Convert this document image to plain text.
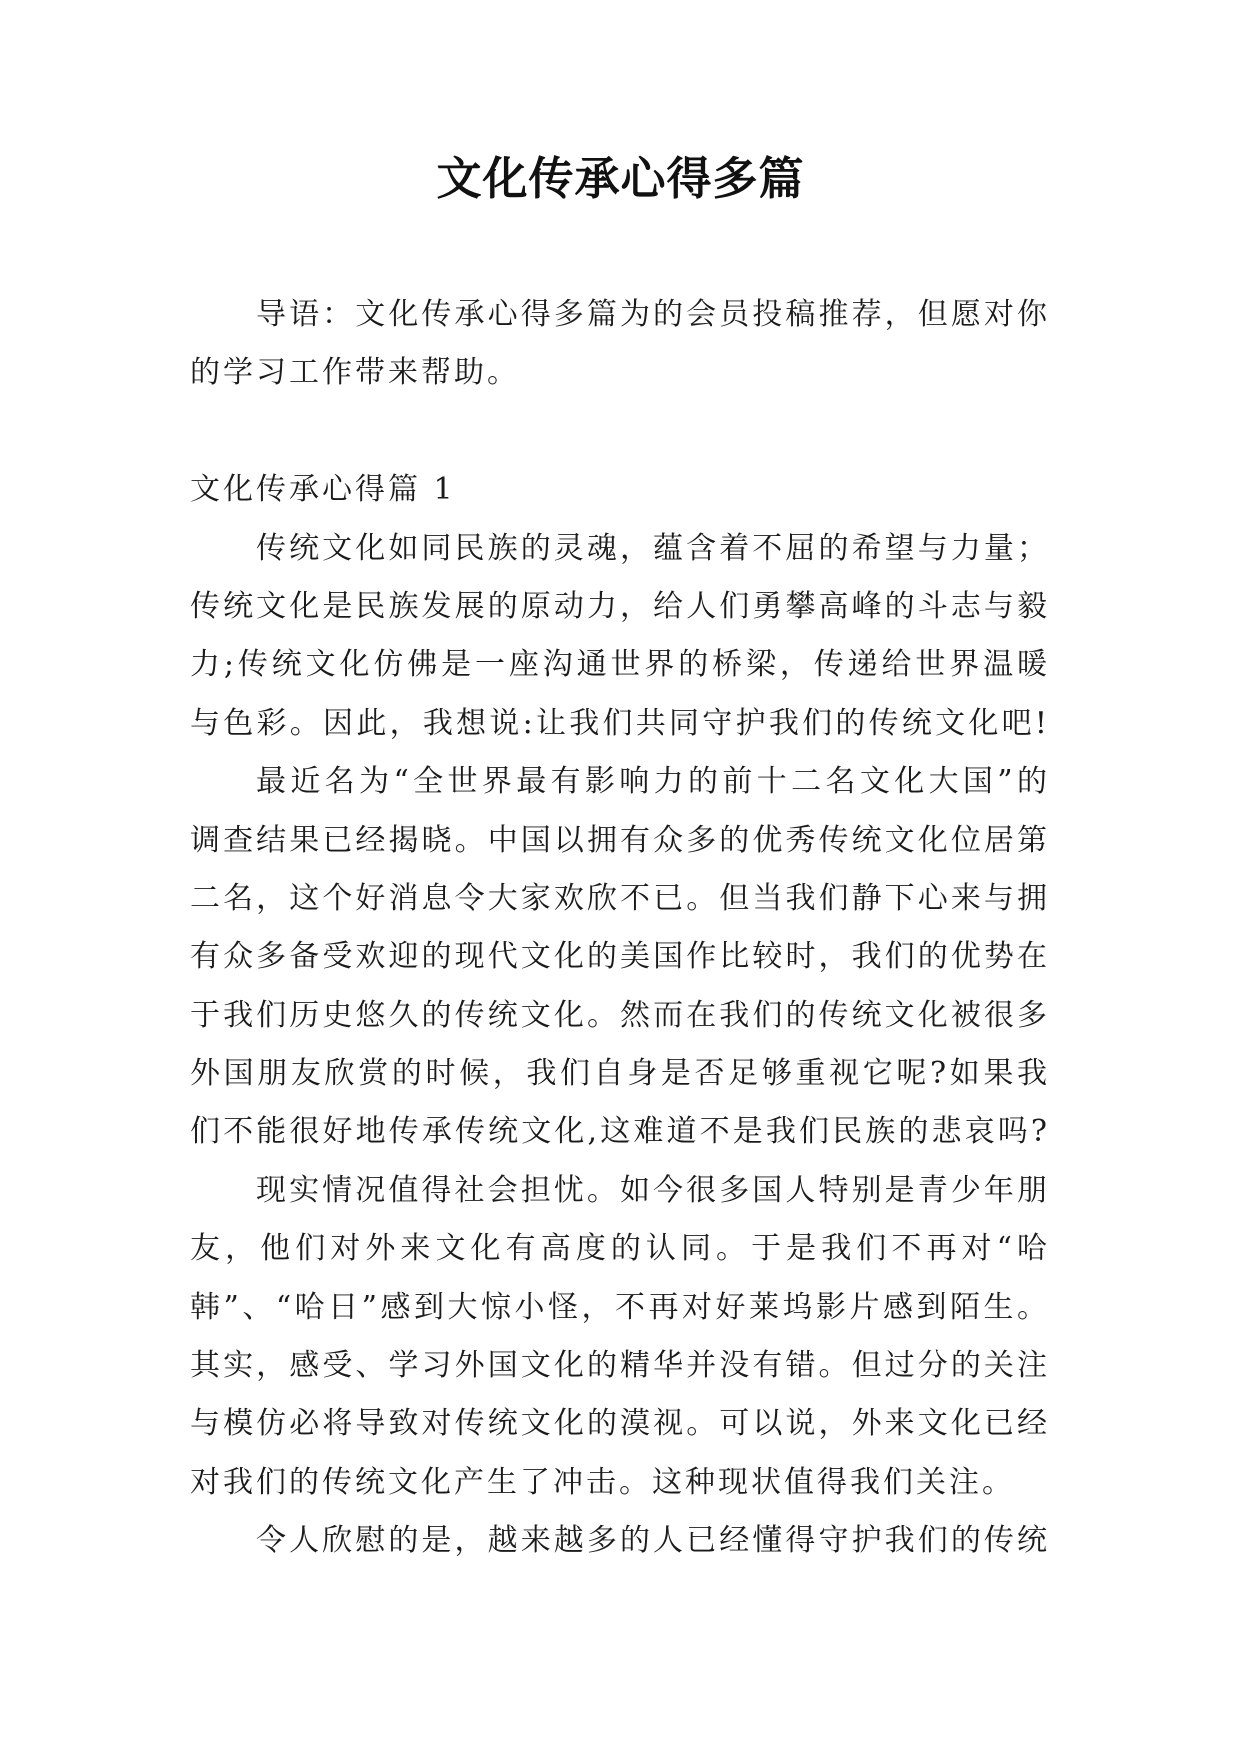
文化传承心得多篇
导语：文化传承心得多篇为的会员投稿推荐，但愿对你
的学习工作带来帮助。
文化传承心得篇 1
传统文化如同民族的灵魂，蕴含着不屈的希望与力量；
传统文化是民族发展的原动力，给人们勇攀高峰的斗志与毅
力;传统文化仿佛是一座沟通世界的桥梁，传递给世界温暖
与色彩。因此，我想说:让我们共同守护我们的传统文化吧!
最近名为“全世界最有影响力的前十二名文化大国”的
调查结果已经揭晓。中国以拥有众多的优秀传统文化位居第
二名，这个好消息令大家欢欣不已。但当我们静下心来与拥
有众多备受欢迎的现代文化的美国作比较时，我们的优势在
于我们历史悠久的传统文化。然而在我们的传统文化被很多
外国朋友欣赏的时候，我们自身是否足够重视它呢?如果我
们不能很好地传承传统文化,这难道不是我们民族的悲哀吗?
现实情况值得社会担忧。如今很多国人特别是青少年朋
友，他们对外来文化有高度的认同。于是我们不再对“哈
韩”、“哈日”感到大惊小怪，不再对好莱坞影片感到陌生。
其实，感受、学习外国文化的精华并没有错。但过分的关注
与模仿必将导致对传统文化的漠视。可以说，外来文化已经
对我们的传统文化产生了冲击。这种现状值得我们关注。
令人欣慰的是，越来越多的人已经懂得守护我们的传统
